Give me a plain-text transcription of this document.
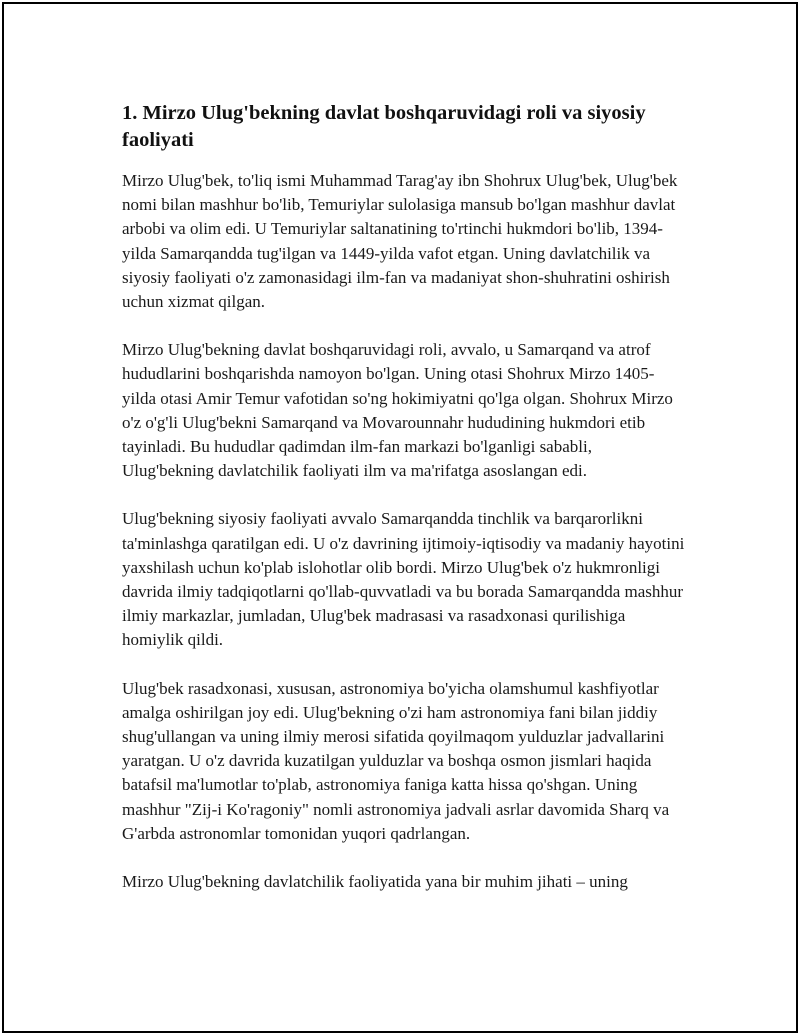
1. Mirzo Ulug'bekning davlat boshqaruvidagi roli va siyosiy faoliyati

Mirzo Ulug'bek, to'liq ismi Muhammad Tarag'ay ibn Shohrux Ulug'bek, Ulug'bek nomi bilan mashhur bo'lib, Temuriylar sulolasiga mansub bo'lgan mashhur davlat arbobi va olim edi. U Temuriylar saltanatining to'rtinchi hukmdori bo'lib, 1394-yilda Samarqandda tug'ilgan va 1449-yilda vafot etgan. Uning davlatchilik va siyosiy faoliyati o'z zamonasidagi ilm-fan va madaniyat shon-shuhratini oshirish uchun xizmat qilgan.

Mirzo Ulug'bekning davlat boshqaruvidagi roli, avvalo, u Samarqand va atrof hududlarini boshqarishda namoyon bo'lgan. Uning otasi Shohrux Mirzo 1405-yilda otasi Amir Temur vafotidan so'ng hokimiyatni qo'lga olgan. Shohrux Mirzo o'z o'g'li Ulug'bekni Samarqand va Movarounnahr hududining hukmdori etib tayinladi. Bu hududlar qadimdan ilm-fan markazi bo'lganligi sababli, Ulug'bekning davlatchilik faoliyati ilm va ma'rifatga asoslangan edi.

Ulug'bekning siyosiy faoliyati avvalo Samarqandda tinchlik va barqarorlikni ta'minlashga qaratilgan edi. U o'z davrining ijtimoiy-iqtisodiy va madaniy hayotini yaxshilash uchun ko'plab islohotlar olib bordi. Mirzo Ulug'bek o'z hukmronligi davrida ilmiy tadqiqotlarni qo'llab-quvvatladi va bu borada Samarqandda mashhur ilmiy markazlar, jumladan, Ulug'bek madrasasi va rasadxonasi qurilishiga homiylik qildi.

Ulug'bek rasadxonasi, xususan, astronomiya bo'yicha olamshumul kashfiyotlar amalga oshirilgan joy edi. Ulug'bekning o'zi ham astronomiya fani bilan jiddiy shug'ullangan va uning ilmiy merosi sifatida qoyilmaqom yulduzlar jadvallarini yaratgan. U o'z davrida kuzatilgan yulduzlar va boshqa osmon jismlari haqida batafsil ma'lumotlar to'plab, astronomiya faniga katta hissa qo'shgan. Uning mashhur "Zij-i Ko'ragoniy" nomli astronomiya jadvali asrlar davomida Sharq va G'arbda astronomlar tomonidan yuqori qadrlangan.

Mirzo Ulug'bekning davlatchilik faoliyatida yana bir muhim jihati – uning
